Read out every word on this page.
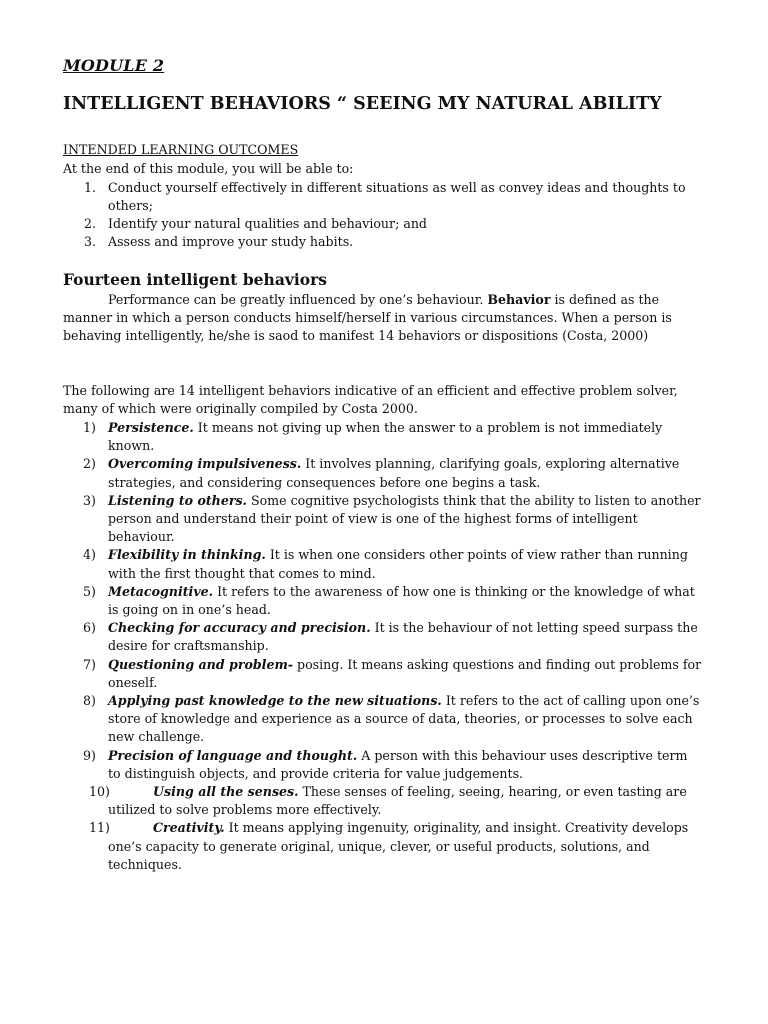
MODULE 2
INTELLIGENT BEHAVIORS “ SEEING MY NATURAL ABILITY
INTENDED LEARNING OUTCOMES
At the end of this module, you will be able to:
1. Conduct yourself effectively in different situations as well as convey ideas and thoughts to others;
2. Identify your natural qualities and behaviour; and
3. Assess and improve your study habits.
Fourteen intelligent behaviors

Performance can be greatly influenced by one’s behaviour. Behavior is defined as the manner in which a person conducts himself/herself in various circumstances. When a person is behaving intelligently, he/she is saod to manifest 14 behaviors or dispositions (Costa, 2000)

The following are 14 intelligent behaviors indicative of an efficient and effective problem solver, many of which were originally compiled by Costa 2000.

1) Persistence. It means not giving up when the answer to a problem is not immediately known.
2) Overcoming impulsiveness. It involves planning, clarifying goals, exploring alternative strategies, and considering consequences before one begins a task.
3) Listening to others. Some cognitive psychologists think that the ability to listen to another person and understand their point of view is one of the highest forms of intelligent behaviour.
4) Flexibility in thinking. It is when one considers other points of view rather than running with the first thought that comes to mind.
5) Metacognitive. It refers to the awareness of how one is thinking or the knowledge of what is going on in one’s head.
6) Checking for accuracy and precision. It is the behaviour of not letting speed surpass the desire for craftsmanship.
7) Questioning and problem- posing. It means asking questions and finding out problems for oneself.
8) Applying past knowledge to the new situations. It refers to the act of calling upon one’s store of knowledge and experience as a source of data, theories, or processes to solve each new challenge.
9) Precision of language and thought. A person with this behaviour uses descriptive term to distinguish objects, and provide criteria for value judgements.
10)	Using all the senses. These senses of feeling, seeing, hearing, or even tasting are utilized to solve problems more effectively.
11)	Creativity. It means applying ingenuity, originality, and insight. Creativity develops one’s capacity to generate original, unique, clever, or useful products, solutions, and techniques.
